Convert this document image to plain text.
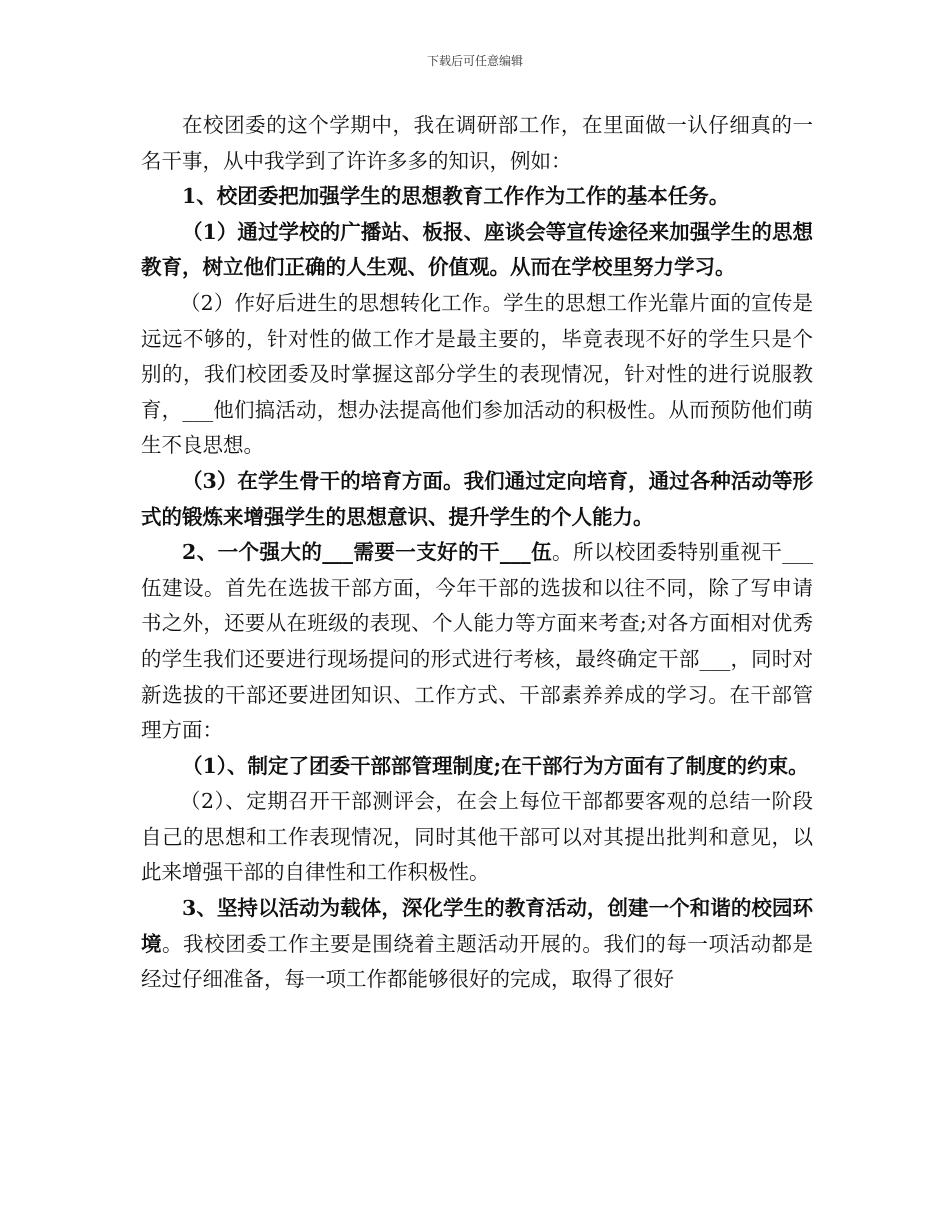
下载后可任意编辑

在校团委的这个学期中，我在调研部工作，在里面做一认仔细真的一名干事，从中我学到了许许多多的知识，例如：

1、校团委把加强学生的思想教育工作作为工作的基本任务。

（1）通过学校的广播站、板报、座谈会等宣传途径来加强学生的思想教育，树立他们正确的人生观、价值观。从而在学校里努力学习。

（2）作好后进生的思想转化工作。学生的思想工作光靠片面的宣传是远远不够的，针对性的做工作才是最主要的，毕竟表现不好的学生只是个别的，我们校团委及时掌握这部分学生的表现情况，针对性的进行说服教育，___他们搞活动，想办法提高他们参加活动的积极性。从而预防他们萌生不良思想。

（3）在学生骨干的培育方面。我们通过定向培育，通过各种活动等形式的锻炼来增强学生的思想意识、提升学生的个人能力。

2、一个强大的___需要一支好的干___伍。所以校团委特别重视干___伍建设。首先在选拔干部方面，今年干部的选拔和以往不同，除了写申请书之外，还要从在班级的表现、个人能力等方面来考查;对各方面相对优秀的学生我们还要进行现场提问的形式进行考核，最终确定干部___，同时对新选拔的干部还要进团知识、工作方式、干部素养养成的学习。在干部管理方面：

（1）、制定了团委干部部管理制度;在干部行为方面有了制度的约束。

（2）、定期召开干部测评会，在会上每位干部都要客观的总结一阶段自己的思想和工作表现情况，同时其他干部可以对其提出批判和意见，以此来增强干部的自律性和工作积极性。

3、坚持以活动为载体，深化学生的教育活动，创建一个和谐的校园环境。我校团委工作主要是围绕着主题活动开展的。我们的每一项活动都是经过仔细准备，每一项工作都能够很好的完成，取得了很好
